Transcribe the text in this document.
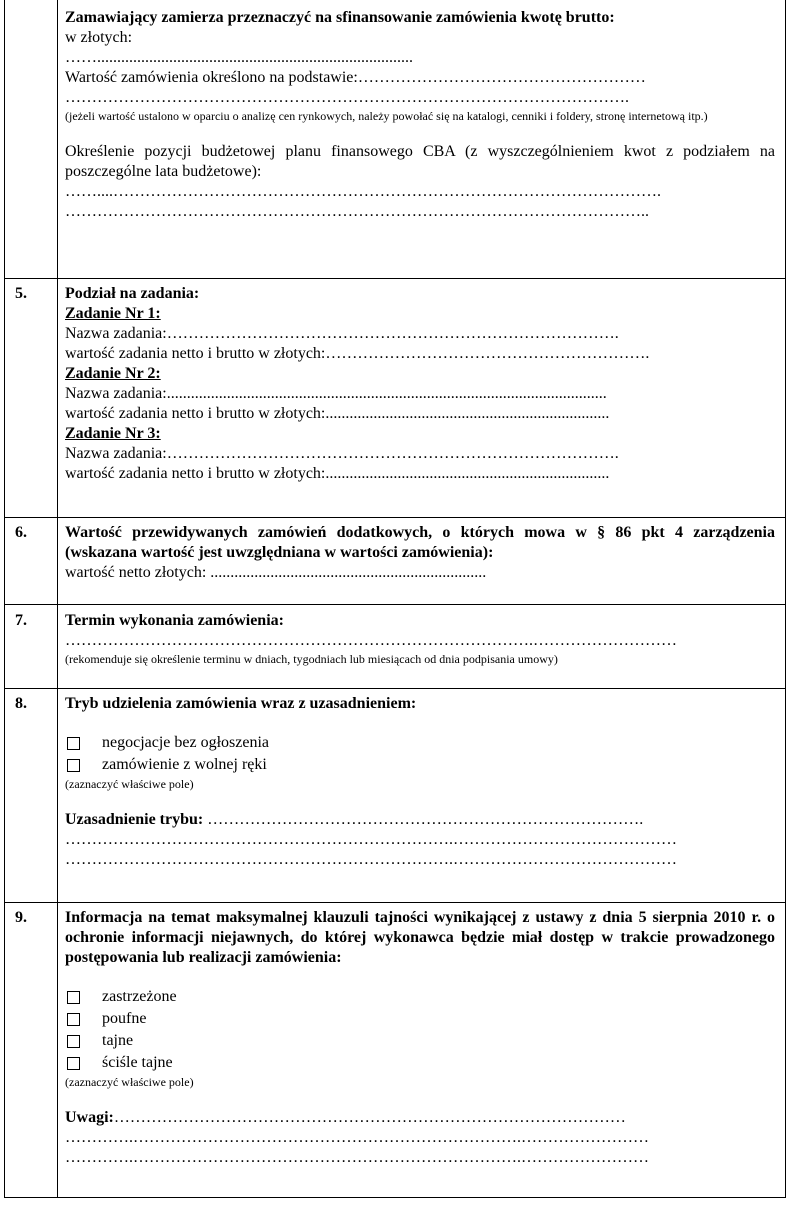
Zamawiający zamierza przeznaczyć na sfinansowanie zamówienia kwotę brutto:
w złotych:
……...............................................................................
Wartość zamówienia określono na podstawie:………………………………………………
…………………………………………………………………………………………….
(jeżeli wartość ustalono w oparciu o analizę cen rynkowych, należy powołać się na katalogi, cenniki i foldery, stronę internetową itp.)
Określenie pozycji budżetowej planu finansowego CBA (z wyszczególnieniem kwot z podziałem na poszczególne lata budżetowe):
……....………………………………………………………………………………………….
………………………………………………………………………………………………..
5. Podział na zadania:
Zadanie Nr 1:
Nazwa zadania:………………………………………………………………………….
wartość zadania netto i brutto w złotych:…………………………………………………….
Zadanie Nr 2:
Nazwa zadania:..............................................................................................................
wartość zadania netto i brutto w złotych:.......................................................................
Zadanie Nr 3:
Nazwa zadania:………………………………………………………………………….
wartość zadania netto i brutto w złotych:.......................................................................
6. Wartość przewidywanych zamówień dodatkowych, o których mowa w § 86 pkt 4 zarządzenia (wskazana wartość jest uwzględniana w wartości zamówienia):
wartość netto złotych: .....................................................................
7. Termin wykonania zamówienia:
…………………………………………………………………………….………………………
(rekomenduje się określenie terminu w dniach, tygodniach lub miesiącach od dnia podpisania umowy)
8. Tryb udzielenia zamówienia wraz z uzasadnieniem:
negocjacje bez ogłoszenia
zamówienie z wolnej ręki
(zaznaczyć właściwe pole)
Uzasadnienie trybu: ……………………………………………………………………….
……………………………………………………………….……………………………………
……………………………………………………………….……………………………………
9. Informacja na temat maksymalnej klauzuli tajności wynikającej z ustawy z dnia 5 sierpnia 2010 r. o ochronie informacji niejawnych, do której wykonawca będzie miał dostęp w trakcie prowadzonego postępowania lub realizacji zamówienia:
zastrzeżone
poufne
tajne
ściśle tajne
(zaznaczyć właściwe pole)
Uwagi:……………………………………………………………………………………
………….……………………………………………………………….……………………
………….……………………………………………………………….……………………
